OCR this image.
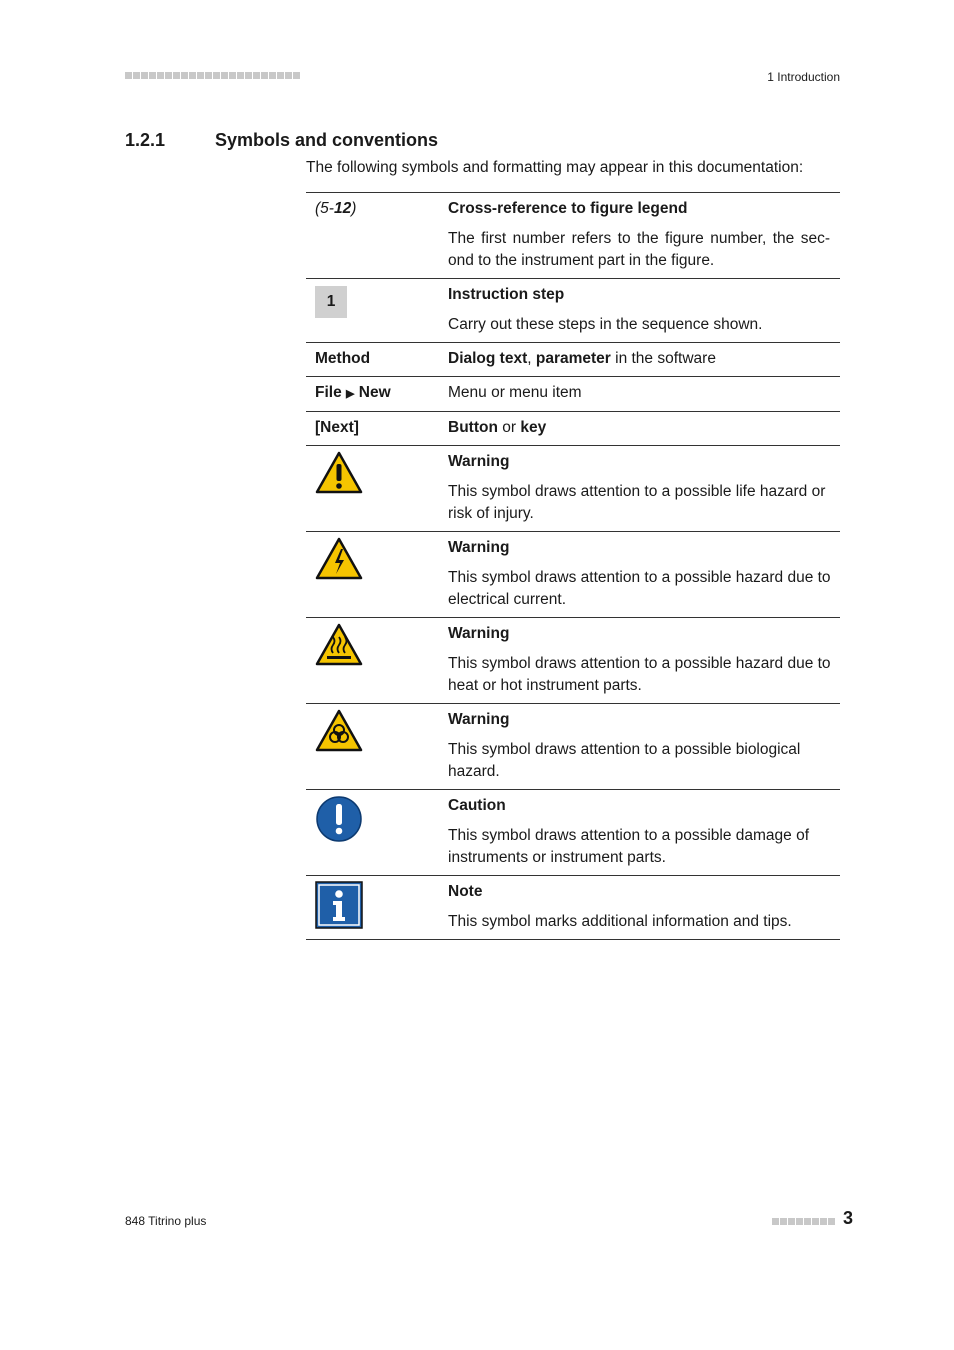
1 Introduction
1.2.1	Symbols and conventions
The following symbols and formatting may appear in this documentation:
(5-12)	Cross-reference to figure legend
The first number refers to the figure number, the sec-ond to the instrument part in the figure.

1	Instruction step
Carry out these steps in the sequence shown.

Method	Dialog text, parameter in the software
File ▶ New	Menu or menu item
[Next]	Button or key

Warning
This symbol draws attention to a possible life hazard or risk of injury.

Warning
This symbol draws attention to a possible hazard due to electrical current.

Warning
This symbol draws attention to a possible hazard due to heat or hot instrument parts.

Warning
This symbol draws attention to a possible biological hazard.

Caution
This symbol draws attention to a possible damage of instruments or instrument parts.

Note
This symbol marks additional information and tips.
848 Titrino plus	3
